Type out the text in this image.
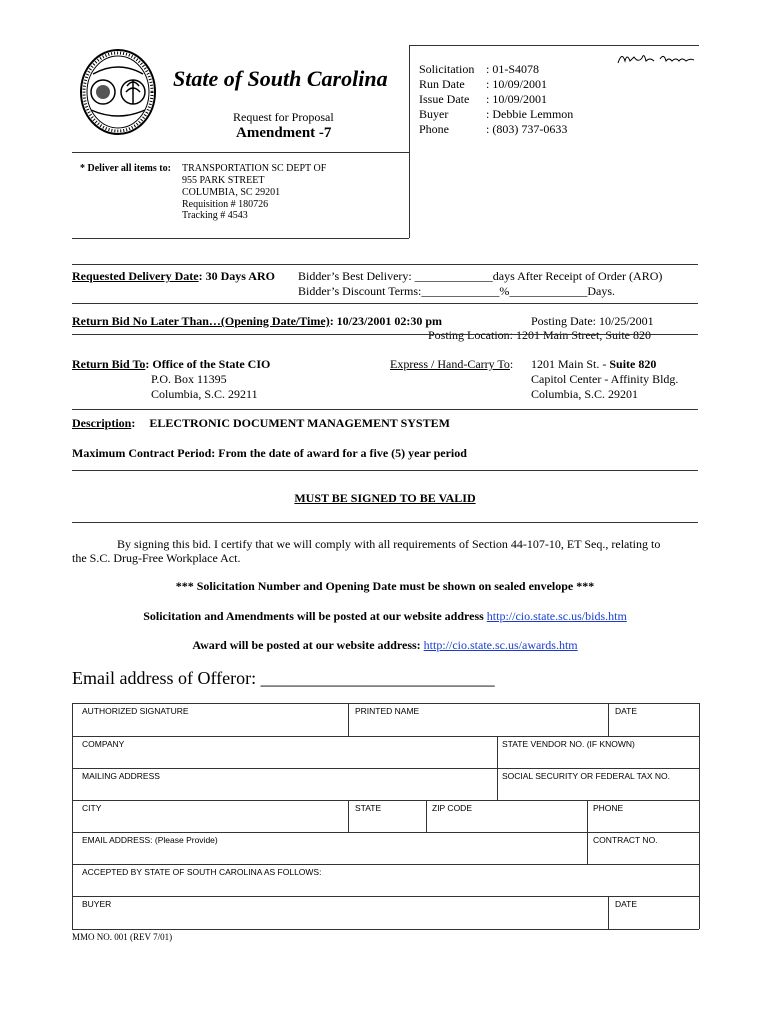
State of South Carolina
Request for Proposal
Amendment -7
Solicitation : 01-S4078
Run Date : 10/09/2001
Issue Date : 10/09/2001
Buyer	: Debbie Lemmon
Phone	: (803) 737-0633
* Deliver all items to: TRANSPORTATION SC DEPT OF
955 PARK STREET
COLUMBIA, SC 29201
Requisition # 180726
Tracking # 4543
Requested Delivery Date: 30 Days ARO Bidder’s Best Delivery: _____________days After Receipt of Order (ARO)
Bidder’s Discount Terms:_____________%_____________Days.
Return Bid No Later Than…(Opening Date/Time): 10/23/2001 02:30 pm	Posting Date: 10/25/2001
Posting Location: 1201 Main Street, Suite 820
Return Bid To: Office of the State CIO
P.O. Box 11395
Columbia, S.C. 29211
Express / Hand-Carry To: 1201 Main St. - Suite 820
Capitol Center - Affinity Bldg.
Columbia, S.C. 29201
Description: ELECTRONIC DOCUMENT MANAGEMENT SYSTEM
Maximum Contract Period: From the date of award for a five (5) year period
MUST BE SIGNED TO BE VALID
By signing this bid. I certify that we will comply with all requirements of Section 44-107-10, ET Seq., relating to
the S.C. Drug-Free Workplace Act.
*** Solicitation Number and Opening Date must be shown on sealed envelope ***
Solicitation and Amendments will be posted at our website address http://cio.state.sc.us/bids.htm
Award will be posted at our website address: http://cio.state.sc.us/awards.htm
Email address of Offeror: __________________________
AUTHORIZED SIGNATURE	PRINTED NAME	DATE
COMPANY	STATE VENDOR NO. (IF KNOWN)
MAILING ADDRESS	SOCIAL SECURITY OR FEDERAL TAX NO.
CITY	STATE	ZIP CODE	PHONE
EMAIL ADDRESS: (Please Provide)	CONTRACT NO.
ACCEPTED BY STATE OF SOUTH CAROLINA AS FOLLOWS:
BUYER	DATE
MMO NO. 001 (REV 7/01)
